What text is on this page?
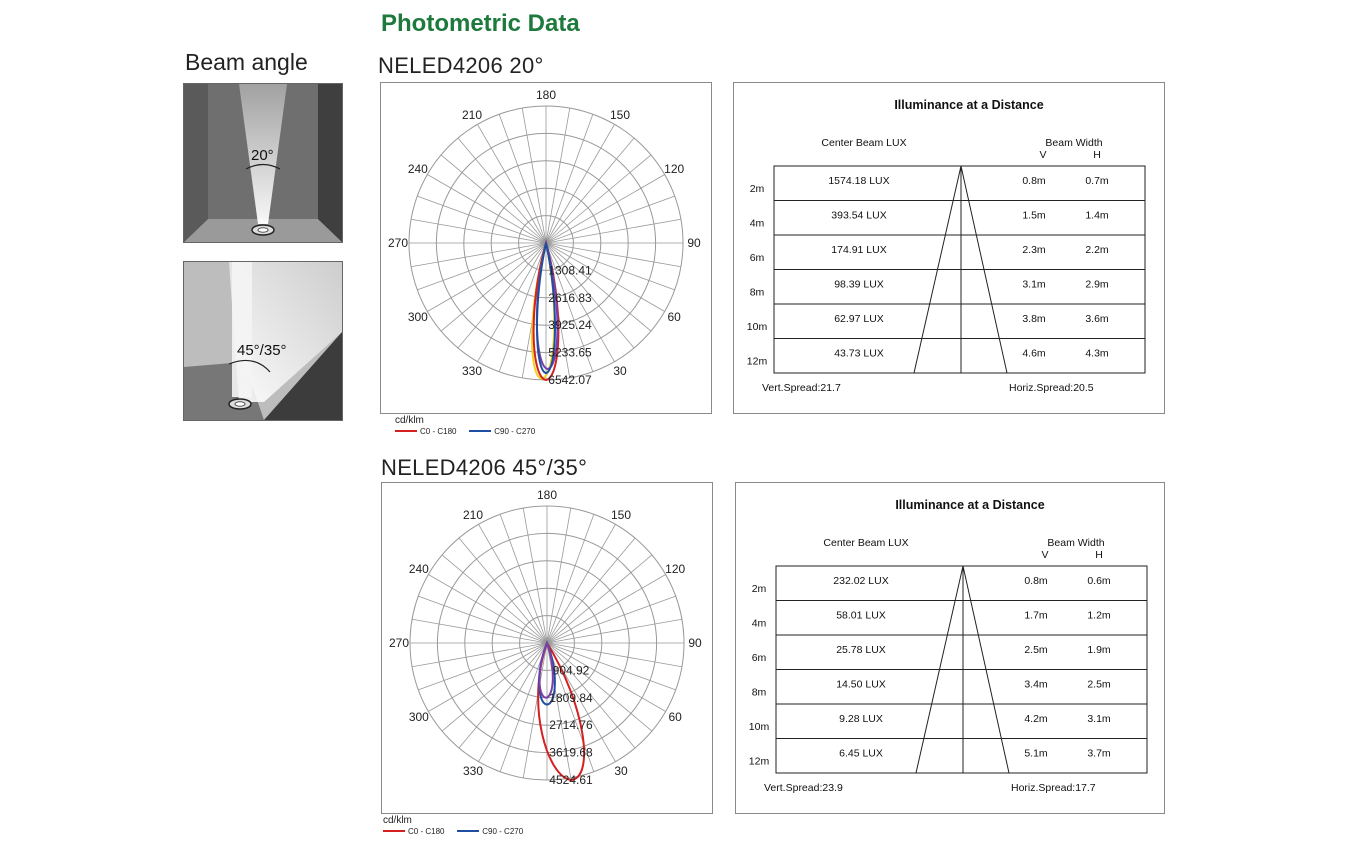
Photometric Data
Beam angle
20°
45°/35°
NELED4206 20°
180
150
120
90
60
30
330
300
270
240
210
1308.41
2616.83
3925.24
5233.65
6542.07
cd/klm
C0 - C180	C90 - C270
Illuminance at a Distance
Center Beam LUX	Beam Width
V	H
2m
1574.18 LUX	0.8m	0.7m
4m
393.54 LUX	1.5m	1.4m
6m
174.91 LUX	2.3m	2.2m
8m
98.39 LUX	3.1m	2.9m
10m
62.97 LUX	3.8m	3.6m
12m
43.73 LUX	4.6m	4.3m
Vert.Spread:21.7	Horiz.Spread:20.5
NELED4206 45°/35°
180
150
120
90
60
30
330
300
270
240
210
904.92
1809.84
2714.76
3619.68
4524.61
cd/klm
C0 - C180	C90 - C270
Illuminance at a Distance
Center Beam LUX	Beam Width
V	H
2m
232.02 LUX	0.8m	0.6m
4m
58.01 LUX	1.7m	1.2m
6m
25.78 LUX	2.5m	1.9m
8m
14.50 LUX	3.4m	2.5m
10m
9.28 LUX	4.2m	3.1m
12m
6.45 LUX	5.1m	3.7m
Vert.Spread:23.9	Horiz.Spread:17.7
